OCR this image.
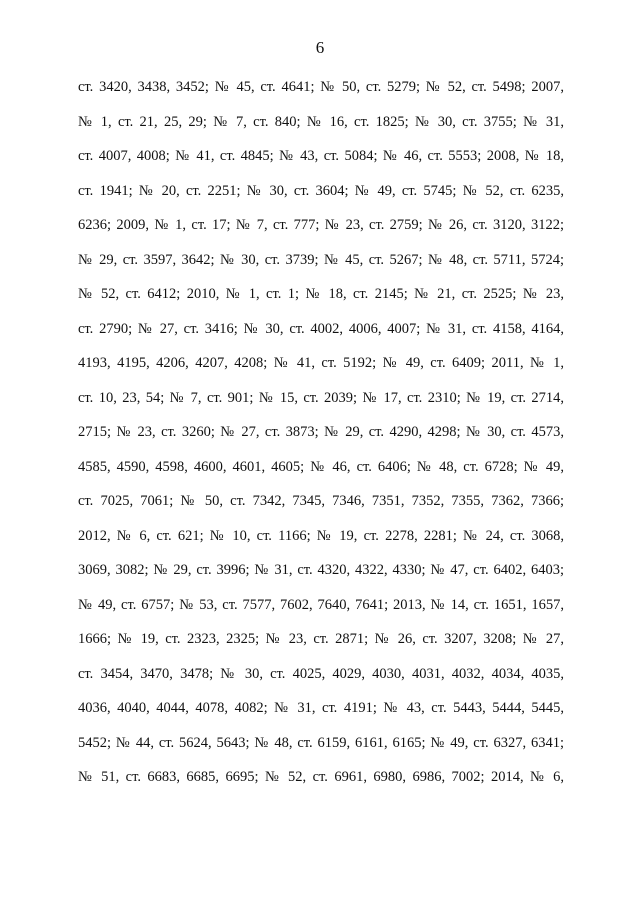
6
ст. 3420, 3438, 3452; № 45, ст. 4641; № 50, ст. 5279; № 52, ст. 5498; 2007,
№ 1, ст. 21, 25, 29; № 7, ст. 840; № 16, ст. 1825; № 30, ст. 3755; № 31,
ст. 4007, 4008; № 41, ст. 4845; № 43, ст. 5084; № 46, ст. 5553; 2008, № 18,
ст. 1941; № 20, ст. 2251; № 30, ст. 3604; № 49, ст. 5745; № 52, ст. 6235,
6236; 2009, № 1, ст. 17; № 7, ст. 777; № 23, ст. 2759; № 26, ст. 3120, 3122;
№ 29, ст. 3597, 3642; № 30, ст. 3739; № 45, ст. 5267; № 48, ст. 5711, 5724;
№ 52, ст. 6412; 2010, № 1, ст. 1; № 18, ст. 2145; № 21, ст. 2525; № 23,
ст. 2790; № 27, ст. 3416; № 30, ст. 4002, 4006, 4007; № 31, ст. 4158, 4164,
4193, 4195, 4206, 4207, 4208; № 41, ст. 5192; № 49, ст. 6409; 2011, № 1,
ст. 10, 23, 54; № 7, ст. 901; № 15, ст. 2039; № 17, ст. 2310; № 19, ст. 2714,
2715; № 23, ст. 3260; № 27, ст. 3873; № 29, ст. 4290, 4298; № 30, ст. 4573,
4585, 4590, 4598, 4600, 4601, 4605; № 46, ст. 6406; № 48, ст. 6728; № 49,
ст. 7025, 7061; № 50, ст. 7342, 7345, 7346, 7351, 7352, 7355, 7362, 7366;
2012, № 6, ст. 621; № 10, ст. 1166; № 19, ст. 2278, 2281; № 24, ст. 3068,
3069, 3082; № 29, ст. 3996; № 31, ст. 4320, 4322, 4330; № 47, ст. 6402, 6403;
№ 49, ст. 6757; № 53, ст. 7577, 7602, 7640, 7641; 2013, № 14, ст. 1651, 1657,
1666; № 19, ст. 2323, 2325; № 23, ст. 2871; № 26, ст. 3207, 3208; № 27,
ст. 3454, 3470, 3478; № 30, ст. 4025, 4029, 4030, 4031, 4032, 4034, 4035,
4036, 4040, 4044, 4078, 4082; № 31, ст. 4191; № 43, ст. 5443, 5444, 5445,
5452; № 44, ст. 5624, 5643; № 48, ст. 6159, 6161, 6165; № 49, ст. 6327, 6341;
№ 51, ст. 6683, 6685, 6695; № 52, ст. 6961, 6980, 6986, 7002; 2014, № 6,
